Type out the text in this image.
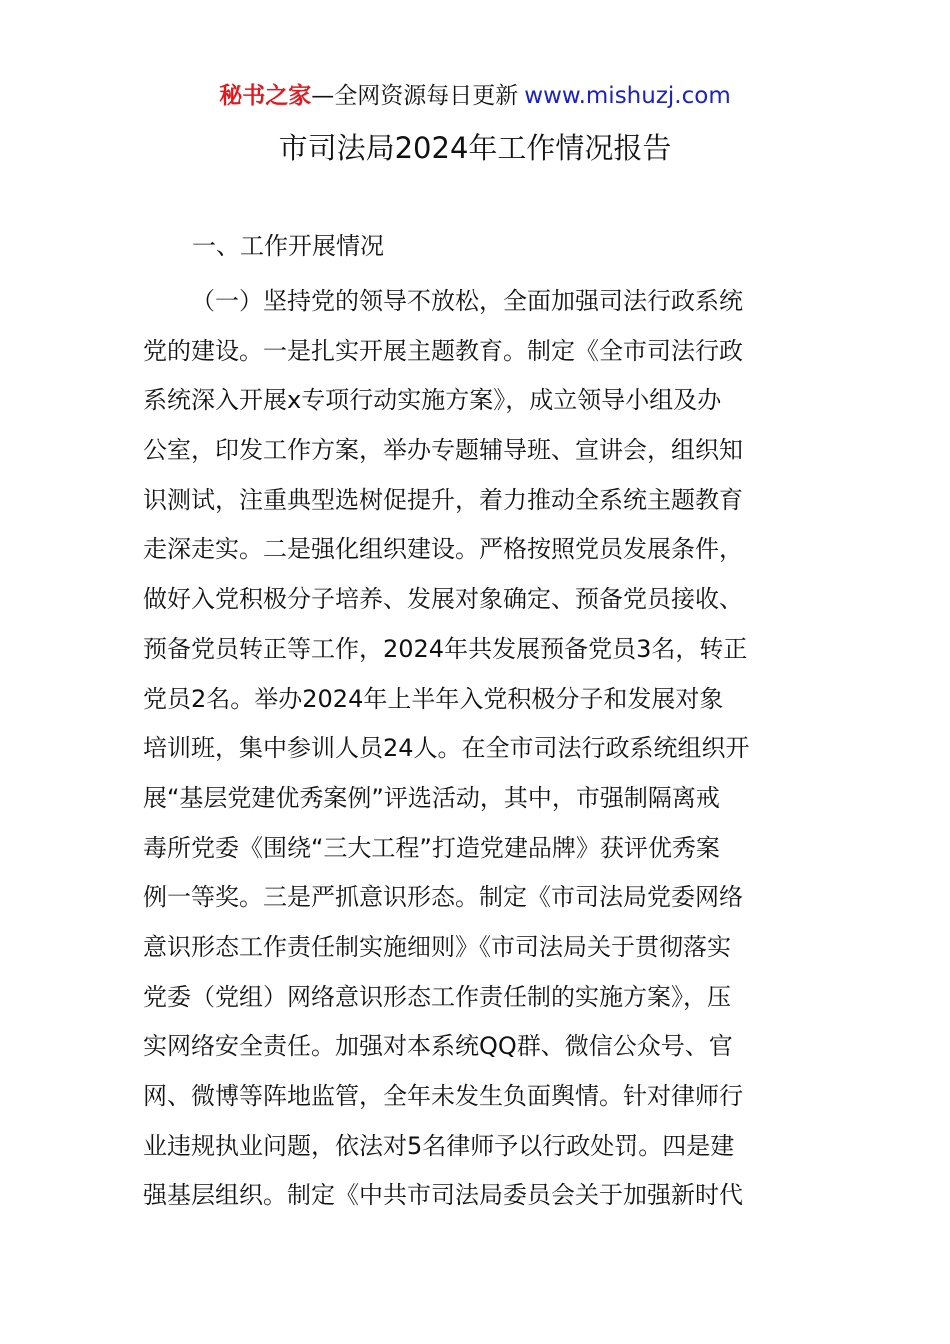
秘书之家—全网资源每日更新 www.mishuzj.com
市司法局2024年工作情况报告
一、工作开展情况
（一）坚持党的领导不放松，全面加强司法行政系统
党的建设。一是扎实开展主题教育。制定《全市司法行政
系统深入开展x专项行动实施方案》，成立领导小组及办
公室，印发工作方案，举办专题辅导班、宣讲会，组织知
识测试，注重典型选树促提升，着力推动全系统主题教育
走深走实。二是强化组织建设。严格按照党员发展条件，
做好入党积极分子培养、发展对象确定、预备党员接收、
预备党员转正等工作，2024年共发展预备党员3名，转正
党员2名。举办2024年上半年入党积极分子和发展对象
培训班，集中参训人员24人。在全市司法行政系统组织开
展“基层党建优秀案例”评选活动，其中，市强制隔离戒
毒所党委《围绕“三大工程”打造党建品牌》获评优秀案
例一等奖。三是严抓意识形态。制定《市司法局党委网络
意识形态工作责任制实施细则》《市司法局关于贯彻落实
党委（党组）网络意识形态工作责任制的实施方案》，压
实网络安全责任。加强对本系统QQ群、微信公众号、官
网、微博等阵地监管，全年未发生负面舆情。针对律师行
业违规执业问题，依法对5名律师予以行政处罚。四是建
强基层组织。制定《中共市司法局委员会关于加强新时代
